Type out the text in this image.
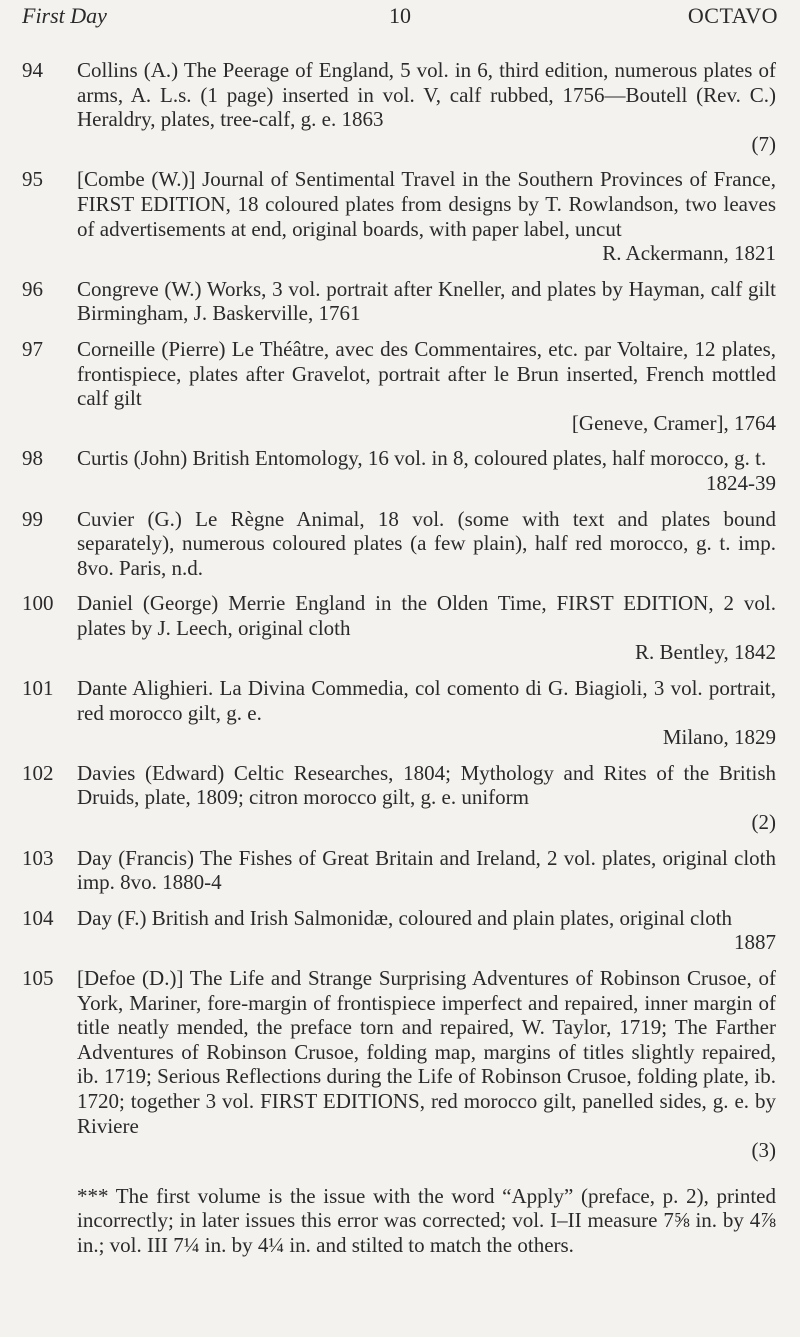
First Day	10	OCTAVO
94 Collins (A.) The Peerage of England, 5 vol. in 6, third edition, numerous plates of arms, A. L.s. (1 page) inserted in vol. V, calf rubbed, 1756—Boutell (Rev. C.) Heraldry, plates, tree-calf, g. e. 1863

(7)

95 [Combe (W.)] Journal of Sentimental Travel in the Southern Provinces of France, FIRST EDITION, 18 coloured plates from designs by T. Rowlandson, two leaves of advertisements at end, original boards, with paper label, uncut

R. Ackermann, 1821

96 Congreve (W.) Works, 3 vol. portrait after Kneller, and plates by Hayman, calf gilt Birmingham, J. Baskerville, 1761

97 Corneille (Pierre) Le Théâtre, avec des Commentaires, etc. par Voltaire, 12 plates, frontispiece, plates after Gravelot, portrait after le Brun inserted, French mottled calf gilt

[Geneve, Cramer], 1764

98 Curtis (John) British Entomology, 16 vol. in 8, coloured plates, half morocco, g. t.

1824-39

99 Cuvier (G.) Le Règne Animal, 18 vol. (some with text and plates bound separately), numerous coloured plates (a few plain), half red morocco, g. t. imp. 8vo. Paris, n.d.

100 Daniel (George) Merrie England in the Olden Time, FIRST EDITION, 2 vol. plates by J. Leech, original cloth

R. Bentley, 1842

101 Dante Alighieri. La Divina Commedia, col comento di G. Biagioli, 3 vol. portrait, red morocco gilt, g. e.

Milano, 1829

102 Davies (Edward) Celtic Researches, 1804; Mythology and Rites of the British Druids, plate, 1809; citron morocco gilt, g. e. uniform

(2)

103 Day (Francis) The Fishes of Great Britain and Ireland, 2 vol. plates, original cloth imp. 8vo. 1880-4

104 Day (F.) British and Irish Salmonidæ, coloured and plain plates, original cloth

1887

105 [Defoe (D.)] The Life and Strange Surprising Adventures of Robinson Crusoe, of York, Mariner, fore-margin of frontispiece imperfect and repaired, inner margin of title neatly mended, the preface torn and repaired, W. Taylor, 1719; The Farther Adventures of Robinson Crusoe, folding map, margins of titles slightly repaired, ib. 1719; Serious Reflections during the Life of Robinson Crusoe, folding plate, ib. 1720; together 3 vol. FIRST EDITIONS, red morocco gilt, panelled sides, g. e. by Riviere

(3)

*** The first volume is the issue with the word “Apply” (preface, p. 2), printed incorrectly; in later issues this error was corrected; vol. I–II measure 7⅝ in. by 4⅞ in.; vol. III 7¼ in. by 4¼ in. and stilted to match the others.
